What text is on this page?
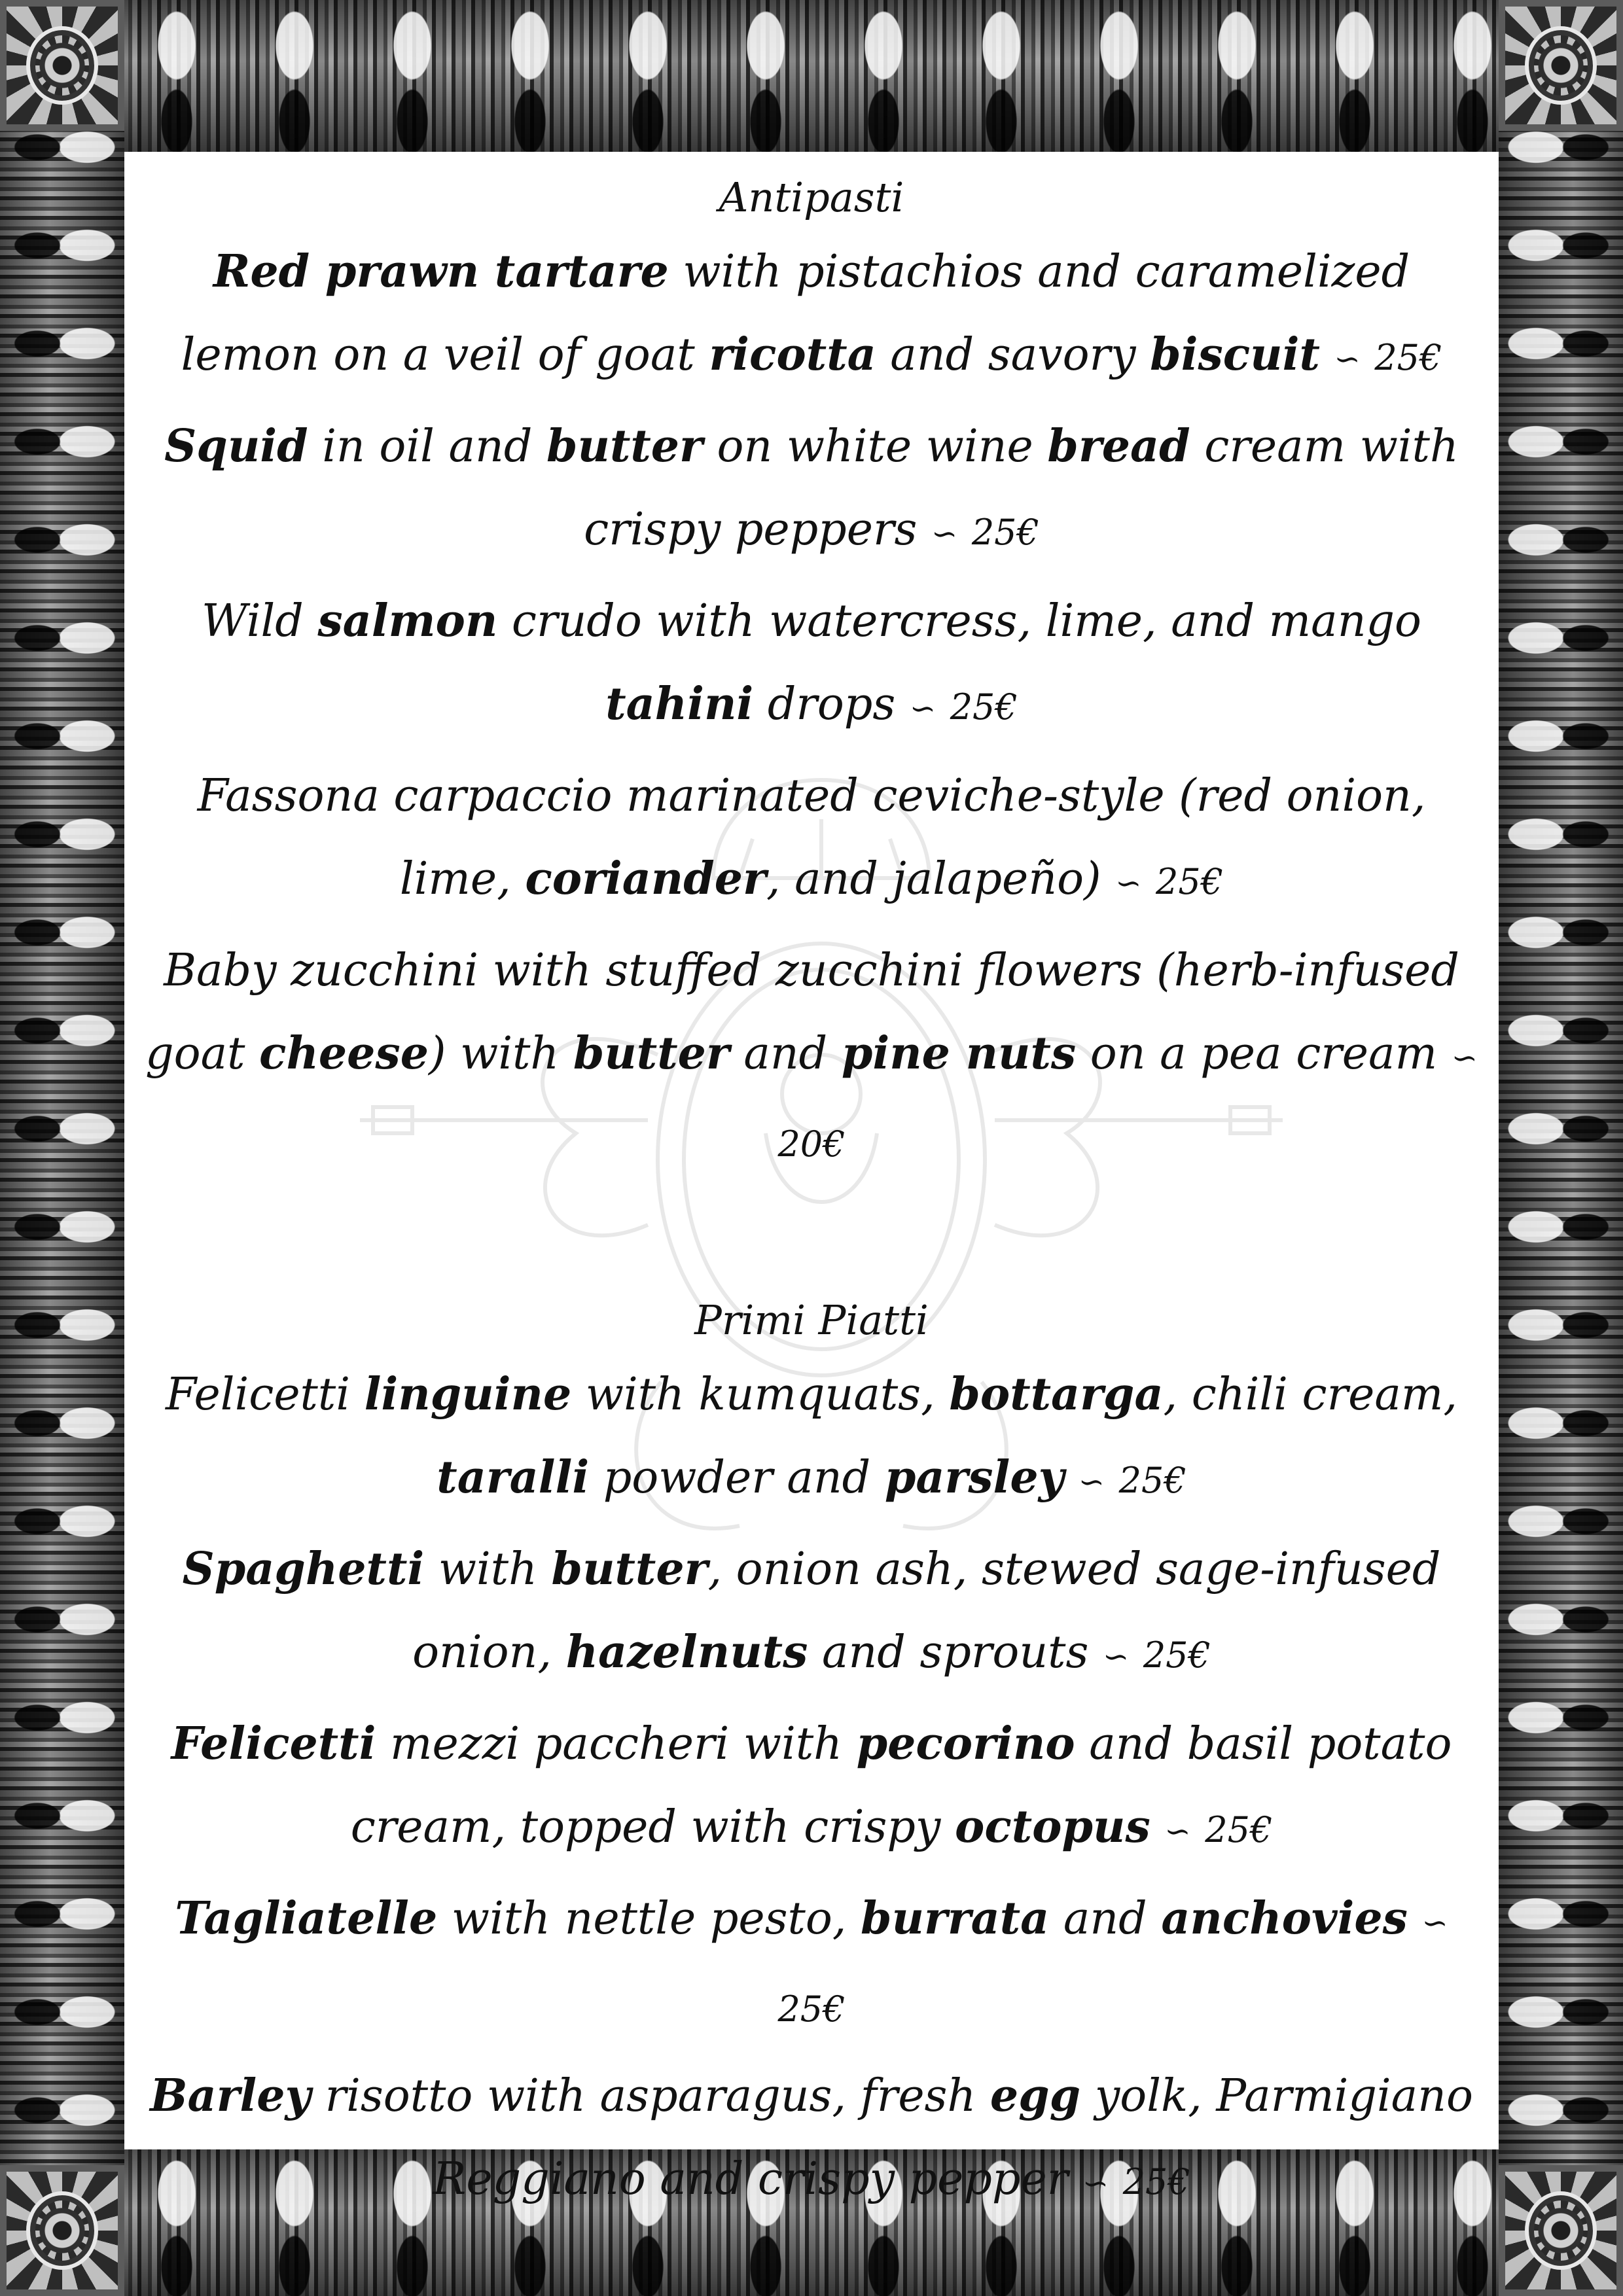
Antipasti

Red prawn tartare with pistachios and caramelized lemon on a veil of goat ricotta and savory biscuit ∽ 25€

Squid in oil and butter on white wine bread cream with crispy peppers ∽ 25€

Wild salmon crudo with watercress, lime, and mango tahini drops ∽ 25€

Fassona carpaccio marinated ceviche-style (red onion, lime, coriander, and jalapeño) ∽ 25€

Baby zucchini with stuffed zucchini flowers (herb-infused goat cheese) with butter and pine nuts on a pea cream ∽ 20€

Primi Piatti

Felicetti linguine with kumquats, bottarga, chili cream, taralli powder and parsley ∽ 25€

Spaghetti with butter, onion ash, stewed sage-infused onion, hazelnuts and sprouts ∽ 25€

Felicetti mezzi paccheri with pecorino and basil potato cream, topped with crispy octopus ∽ 25€

Tagliatelle with nettle pesto, burrata and anchovies ∽ 25€

Barley risotto with asparagus, fresh egg yolk, Parmigiano Reggiano and crispy pepper ∽ 25€
